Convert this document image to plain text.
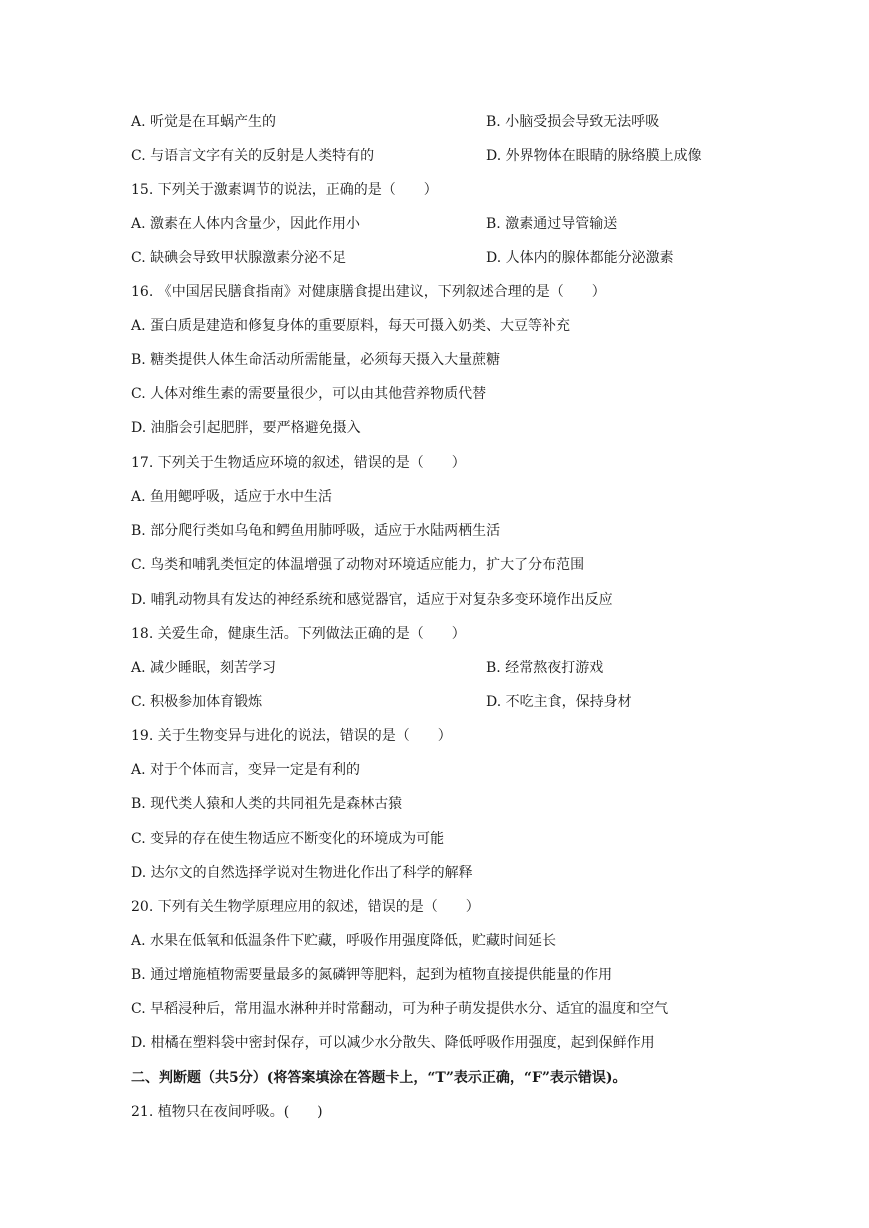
A. 听觉是在耳蜗产生的	B. 小脑受损会导致无法呼吸
C. 与语言文字有关的反射是人类特有的	D. 外界物体在眼睛的脉络膜上成像
15. 下列关于激素调节的说法，正确的是（　　）
A. 激素在人体内含量少，因此作用小	B. 激素通过导管输送
C. 缺碘会导致甲状腺激素分泌不足	D. 人体内的腺体都能分泌激素
16. 《中国居民膳食指南》对健康膳食提出建议，下列叙述合理的是（　　）
A. 蛋白质是建造和修复身体的重要原料，每天可摄入奶类、大豆等补充
B. 糖类提供人体生命活动所需能量，必须每天摄入大量蔗糖
C. 人体对维生素的需要量很少，可以由其他营养物质代替
D. 油脂会引起肥胖，要严格避免摄入
17. 下列关于生物适应环境的叙述，错误的是（　　）
A. 鱼用鳃呼吸，适应于水中生活
B. 部分爬行类如乌龟和鳄鱼用肺呼吸，适应于水陆两栖生活
C. 鸟类和哺乳类恒定的体温增强了动物对环境适应能力，扩大了分布范围
D. 哺乳动物具有发达的神经系统和感觉器官，适应于对复杂多变环境作出反应
18. 关爱生命，健康生活。下列做法正确的是（　　）
A. 减少睡眠，刻苦学习	B. 经常熬夜打游戏
C. 积极参加体育锻炼	D. 不吃主食，保持身材
19. 关于生物变异与进化的说法，错误的是（　　）
A. 对于个体而言，变异一定是有利的
B. 现代类人猿和人类的共同祖先是森林古猿
C. 变异的存在使生物适应不断变化的环境成为可能
D. 达尔文的自然选择学说对生物进化作出了科学的解释
20. 下列有关生物学原理应用的叙述，错误的是（　　）
A. 水果在低氧和低温条件下贮藏，呼吸作用强度降低，贮藏时间延长
B. 通过增施植物需要量最多的氮磷钾等肥料，起到为植物直接提供能量的作用
C. 早稻浸种后，常用温水淋种并时常翻动，可为种子萌发提供水分、适宜的温度和空气
D. 柑橘在塑料袋中密封保存，可以减少水分散失、降低呼吸作用强度，起到保鲜作用
二、判断题（共5分）(将答案填涂在答题卡上，“T”表示正确，“F”表示错误)。
21. 植物只在夜间呼吸。(　　)
